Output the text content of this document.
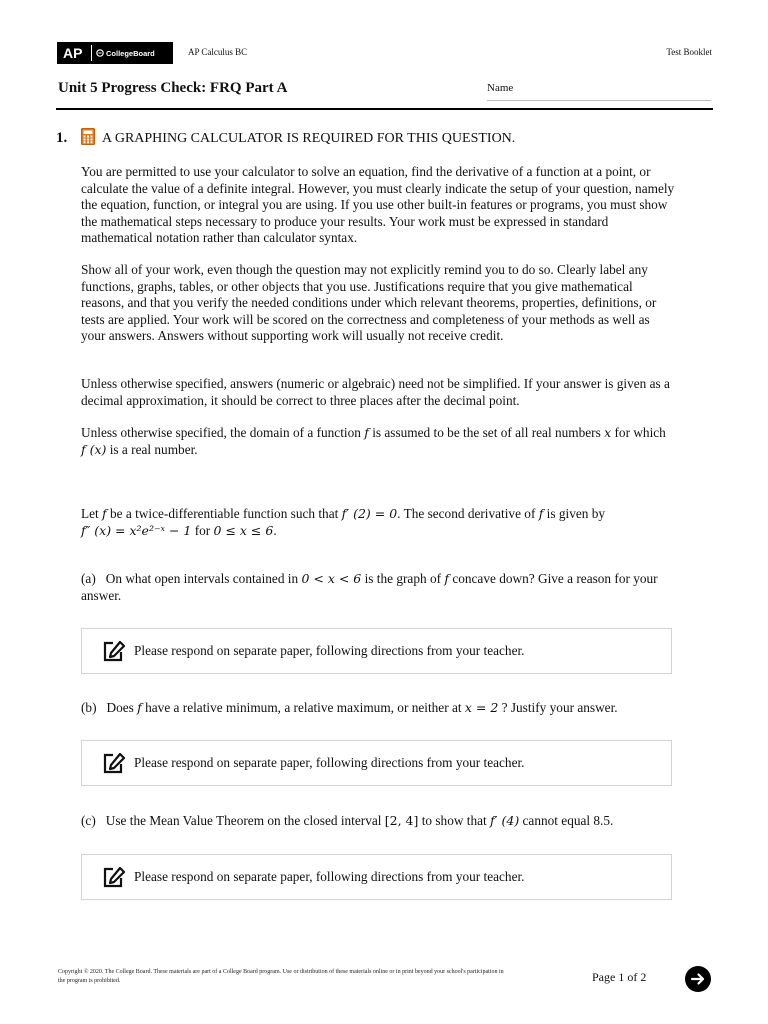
AP	CollegeBoard	AP Calculus BC	Test Booklet
Unit 5 Progress Check: FRQ Part A	Name
1. A GRAPHING CALCULATOR IS REQUIRED FOR THIS QUESTION.
You are permitted to use your calculator to solve an equation, find the derivative of a function at a point, or calculate the value of a definite integral. However, you must clearly indicate the setup of your question, namely the equation, function, or integral you are using. If you use other built-in features or programs, you must show the mathematical steps necessary to produce your results. Your work must be expressed in standard mathematical notation rather than calculator syntax.
Show all of your work, even though the question may not explicitly remind you to do so. Clearly label any functions, graphs, tables, or other objects that you use. Justifications require that you give mathematical reasons, and that you verify the needed conditions under which relevant theorems, properties, definitions, or tests are applied. Your work will be scored on the correctness and completeness of your methods as well as your answers. Answers without supporting work will usually not receive credit.
Unless otherwise specified, answers (numeric or algebraic) need not be simplified. If your answer is given as a decimal approximation, it should be correct to three places after the decimal point.
Unless otherwise specified, the domain of a function f is assumed to be the set of all real numbers x for which
f (x) is a real number.
Let f be a twice-differentiable function such that f′ (2) = 0. The second derivative of f is given by
f″ (x) = x²e²⁻ˣ − 1 for 0 ≤ x ≤ 6.
(a) On what open intervals contained in 0 < x < 6 is the graph of f concave down? Give a reason for your answer.
Please respond on separate paper, following directions from your teacher.
(b) Does f have a relative minimum, a relative maximum, or neither at x = 2 ? Justify your answer.
Please respond on separate paper, following directions from your teacher.
(c) Use the Mean Value Theorem on the closed interval [2, 4] to show that f′ (4) cannot equal 8.5.
Please respond on separate paper, following directions from your teacher.
Copyright © 2020. The College Board. These materials are part of a College Board program. Use or distribution of these materials online or in print beyond your school's participation in the program is prohibited.	Page 1 of 2
